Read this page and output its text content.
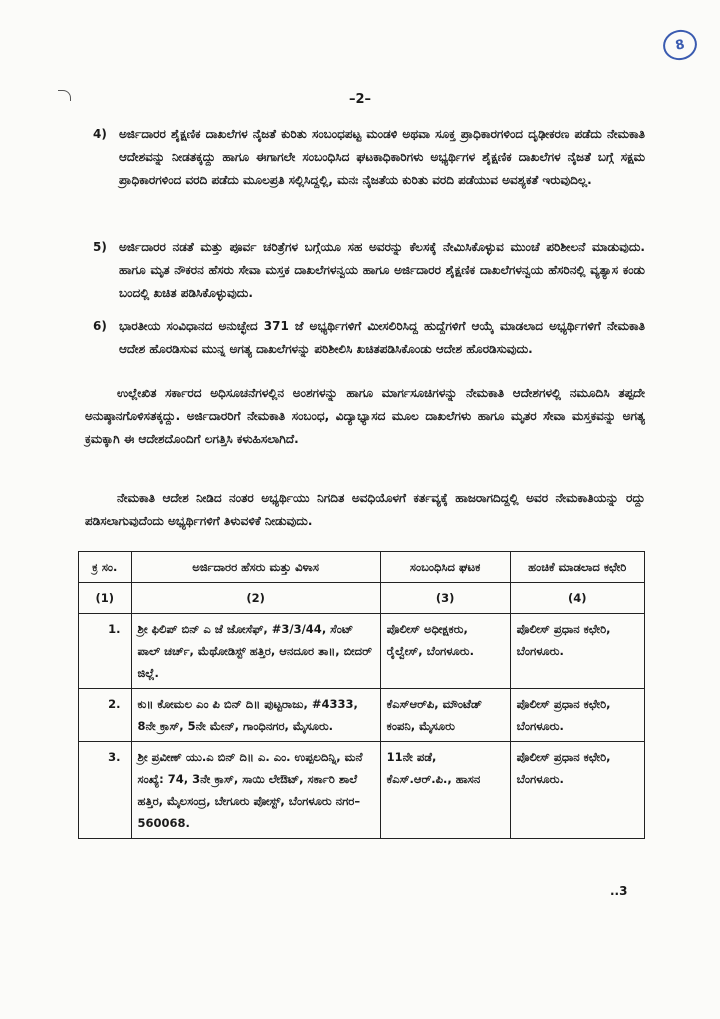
8
–2–
4) ಅರ್ಜಿದಾರರ ಶೈಕ್ಷಣಿಕ ದಾಖಲೆಗಳ ನೈಜತೆ ಕುರಿತು ಸಂಬಂಧಪಟ್ಟ ಮಂಡಳಿ ಅಥವಾ ಸೂಕ್ತ ಪ್ರಾಧಿಕಾರಗಳಿಂದ ದೃಢೀಕರಣ ಪಡೆದು ನೇಮಕಾತಿ ಆದೇಶವನ್ನು ನೀಡತಕ್ಕದ್ದು ಹಾಗೂ ಈಗಾಗಲೇ ಸಂಬಂಧಿಸಿದ ಘಟಕಾಧಿಕಾರಿಗಳು ಅಭ್ಯರ್ಥಿಗಳ ಶೈಕ್ಷಣಿಕ ದಾಖಲೆಗಳ ನೈಜತೆ ಬಗ್ಗೆ ಸಕ್ಷಮ ಪ್ರಾಧಿಕಾರಗಳಿಂದ ವರದಿ ಪಡೆದು ಮೂಲಪ್ರತಿ ಸಲ್ಲಿಸಿದ್ದಲ್ಲಿ, ಮನಃ ನೈಜತೆಯ ಕುರಿತು ವರದಿ ಪಡೆಯುವ ಅವಶ್ಯಕತೆ ಇರುವುದಿಲ್ಲ.
5) ಅರ್ಜಿದಾರರ ನಡತೆ ಮತ್ತು ಪೂರ್ವ ಚರಿತ್ರೆಗಳ ಬಗ್ಗೆಯೂ ಸಹ ಅವರನ್ನು ಕೆಲಸಕ್ಕೆ ನೇಮಿಸಿಕೊಳ್ಳುವ ಮುಂಚೆ ಪರಿಶೀಲನೆ ಮಾಡುವುದು. ಹಾಗೂ ಮೃತ ನೌಕರನ ಹೆಸರು ಸೇವಾ ಮಸ್ತಕ ದಾಖಲೆಗಳನ್ವಯ ಹಾಗೂ ಅರ್ಜಿದಾರರ ಶೈಕ್ಷಣಿಕ ದಾಖಲೆಗಳನ್ವಯ ಹೆಸರಿನಲ್ಲಿ ವ್ಯತ್ಯಾಸ ಕಂಡು ಬಂದಲ್ಲಿ ಖಚಿತ ಪಡಿಸಿಕೊಳ್ಳುವುದು.
6) ಭಾರತೀಯ ಸಂವಿಧಾನದ ಅನುಚ್ಛೇದ 371 ಜೆ ಅಭ್ಯರ್ಥಿಗಳಿಗೆ ಮೀಸಲಿರಿಸಿದ್ದ ಹುದ್ದೆಗಳಿಗೆ ಆಯ್ಕೆ ಮಾಡಲಾದ ಅಭ್ಯರ್ಥಿಗಳಿಗೆ ನೇಮಕಾತಿ ಆದೇಶ ಹೊರಡಿಸುವ ಮುನ್ನ ಅಗತ್ಯ ದಾಖಲೆಗಳನ್ನು ಪರಿಶೀಲಿಸಿ ಖಚಿತಪಡಿಸಿಕೊಂಡು ಆದೇಶ ಹೊರಡಿಸುವುದು.
ಉಲ್ಲೇಖಿತ ಸರ್ಕಾರದ ಅಧಿಸೂಚನೆಗಳಲ್ಲಿನ ಅಂಶಗಳನ್ನು ಹಾಗೂ ಮಾರ್ಗಸೂಚಿಗಳನ್ನು ನೇಮಕಾತಿ ಆದೇಶಗಳಲ್ಲಿ ನಮೂದಿಸಿ ತಪ್ಪದೇ ಅನುಷ್ಠಾನಗೊಳಿಸತಕ್ಕದ್ದು. ಅರ್ಜಿದಾರರಿಗೆ ನೇಮಕಾತಿ ಸಂಬಂಧ, ವಿದ್ಯಾಭ್ಯಾಸದ ಮೂಲ ದಾಖಲೆಗಳು ಹಾಗೂ ಮೃತರ ಸೇವಾ ಮಸ್ತಕವನ್ನು ಅಗತ್ಯ ಕ್ರಮಕ್ಕಾಗಿ ಈ ಆದೇಶದೊಂದಿಗೆ ಲಗತ್ತಿಸಿ ಕಳುಹಿಸಲಾಗಿದೆ.
ನೇಮಕಾತಿ ಆದೇಶ ನೀಡಿದ ನಂತರ ಅಭ್ಯರ್ಥಿಯು ನಿಗದಿತ ಅವಧಿಯೊಳಗೆ ಕರ್ತವ್ಯಕ್ಕೆ ಹಾಜರಾಗದಿದ್ದಲ್ಲಿ ಅವರ ನೇಮಕಾತಿಯನ್ನು ರದ್ದು ಪಡಿಸಲಾಗುವುದೆಂದು ಅಭ್ಯರ್ಥಿಗಳಿಗೆ ತಿಳುವಳಿಕೆ ನೀಡುವುದು.
ಕ್ರ ಸಂ.	ಅರ್ಜಿದಾರರ ಹೆಸರು ಮತ್ತು ವಿಳಾಸ	ಸಂಬಂಧಿಸಿದ ಘಟಕ	ಹಂಚಿಕೆ ಮಾಡಲಾದ ಕಛೇರಿ
(1)	(2)	(3)	(4)
1.	ಶ್ರೀ ಫಿಲಿಪ್ ಬಿನ್ ಎ ಜೆ ಜೋಸೆಫ್, #3/3/44, ಸೆಂಟ್ ಪಾಲ್ ಚರ್ಚ್, ಮೆಥೋಡಿಸ್ಟ್ ಹತ್ತಿರ, ಆನದೂರ ತಾ॥, ಬೀದರ್ ಜಿಲ್ಲೆ.	ಪೊಲೀಸ್ ಅಧೀಕ್ಷಕರು, ರೈಲ್ವೇಸ್, ಬೆಂಗಳೂರು.	ಪೊಲೀಸ್ ಪ್ರಧಾನ ಕಛೇರಿ, ಬೆಂಗಳೂರು.
2.	ಕು॥ ಕೋಮಲ ಎಂ ಪಿ ಬಿನ್ ದಿ॥ ಪುಟ್ಟರಾಜು, #4333, 8ನೇ ಕ್ರಾಸ್, 5ನೇ ಮೇನ್, ಗಾಂಧಿನಗರ, ಮೈಸೂರು.	ಕೆಎಸ್‌ಆರ್‌ಪಿ, ಮೌಂಟೆಡ್ ಕಂಪನಿ, ಮೈಸೂರು	ಪೊಲೀಸ್ ಪ್ರಧಾನ ಕಛೇರಿ, ಬೆಂಗಳೂರು.
3.	ಶ್ರೀ ಪ್ರವೀಣ್ ಯು.ಎ ಬಿನ್ ದಿ॥ ಎ. ಎಂ. ಉಪ್ಪಲದಿನ್ನಿ, ಮನೆ ಸಂಖ್ಯೆ: 74, 3ನೇ ಕ್ರಾಸ್, ಸಾಯಿ ಲೇಔಟ್, ಸರ್ಕಾರಿ ಶಾಲೆ ಹತ್ತಿರ, ಮೈಲಸಂದ್ರ, ಬೇಗೂರು ಪೋಸ್ಟ್, ಬೆಂಗಳೂರು ನಗರ–560068.	11ನೇ ಪಡೆ, ಕೆಎಸ್.ಆರ್.ಪಿ., ಹಾಸನ	ಪೊಲೀಸ್ ಪ್ರಧಾನ ಕಛೇರಿ, ಬೆಂಗಳೂರು.
..3
